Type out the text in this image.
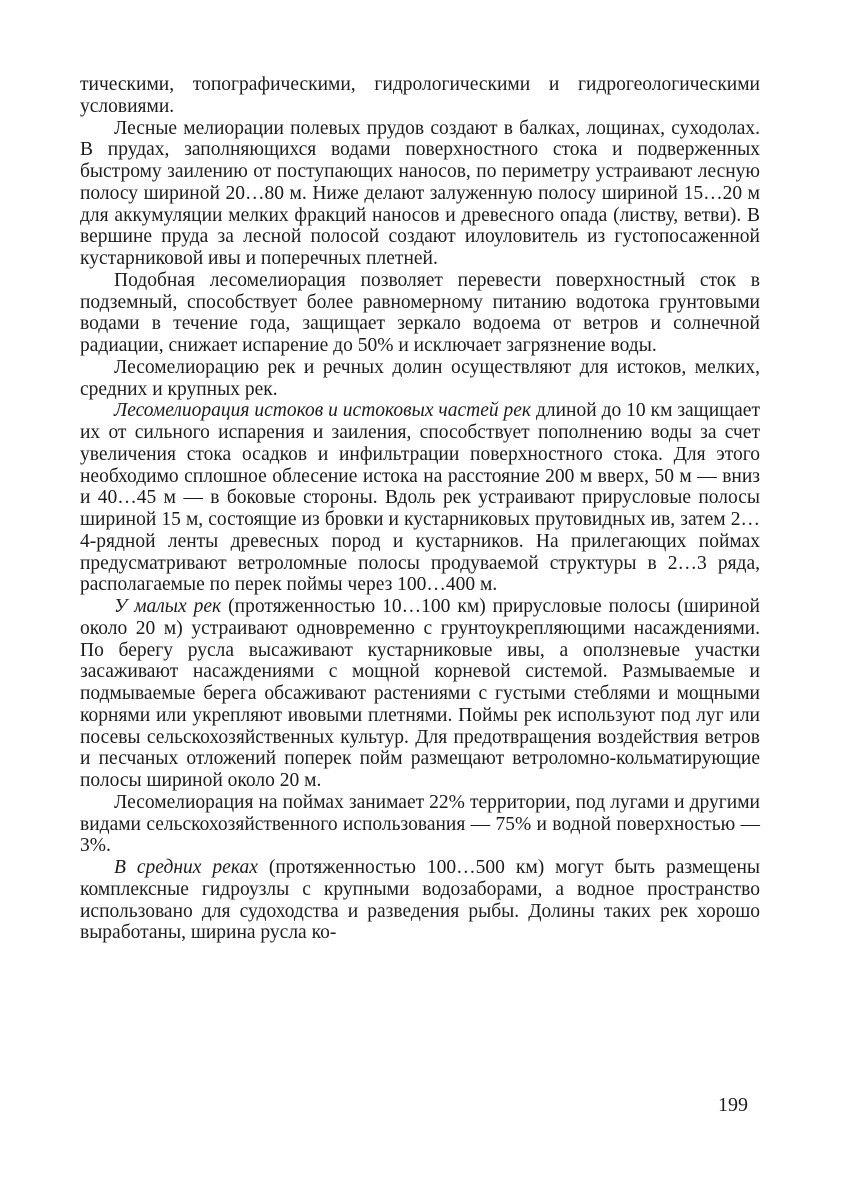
тическими, топографическими, гидрологическими и гидрогеологическими условиями.

Лесные мелиорации полевых прудов создают в балках, лощинах, суходолах. В прудах, заполняющихся водами поверхностного стока и подверженных быстрому заилению от поступающих наносов, по периметру устраивают лесную полосу шириной 20…80 м. Ниже делают залуженную полосу шириной 15…20 м для аккумуляции мелких фракций наносов и древесного опада (листву, ветви). В вершине пруда за лесной полосой создают илоуловитель из густопосаженной кустарниковой ивы и поперечных плетней.

Подобная лесомелиорация позволяет перевести поверхностный сток в подземный, способствует более равномерному питанию водотока грунтовыми водами в течение года, защищает зеркало водоема от ветров и солнечной радиации, снижает испарение до 50% и исключает загрязнение воды.

Лесомелиорацию рек и речных долин осуществляют для истоков, мелких, средних и крупных рек.

Лесомелиорация истоков и истоковых частей рек длиной до 10 км защищает их от сильного испарения и заиления, способствует пополнению воды за счет увеличения стока осадков и инфильтрации поверхностного стока. Для этого необходимо сплошное облесение истока на расстояние 200 м вверх, 50 м — вниз и 40…45 м — в боковые стороны. Вдоль рек устраивают прирусловые полосы шириной 15 м, состоящие из бровки и кустарниковых прутовидных ив, затем 2…4-рядной ленты древесных пород и кустарников. На прилегающих поймах предусматривают ветроломные полосы продуваемой структуры в 2…3 ряда, располагаемые по перек поймы через 100…400 м.

У малых рек (протяженностью 10…100 км) прирусловые полосы (шириной около 20 м) устраивают одновременно с грунтоукрепляющими насаждениями. По берегу русла высаживают кустарниковые ивы, а оползневые участки засаживают насаждениями с мощной корневой системой. Размываемые и подмываемые берега обсаживают растениями с густыми стеблями и мощными корнями или укрепляют ивовыми плетнями. Поймы рек используют под луг или посевы сельскохозяйственных культур. Для предотвращения воздействия ветров и песчаных отложений поперек пойм размещают ветроломно-кольматирующие полосы шириной около 20 м.

Лесомелиорация на поймах занимает 22% территории, под лугами и другими видами сельскохозяйственного использования — 75% и водной поверхностью — 3%.

В средних реках (протяженностью 100…500 км) могут быть размещены комплексные гидроузлы с крупными водозаборами, а водное пространство использовано для судоходства и разведения рыбы. Долины таких рек хорошо выработаны, ширина русла ко-

199
